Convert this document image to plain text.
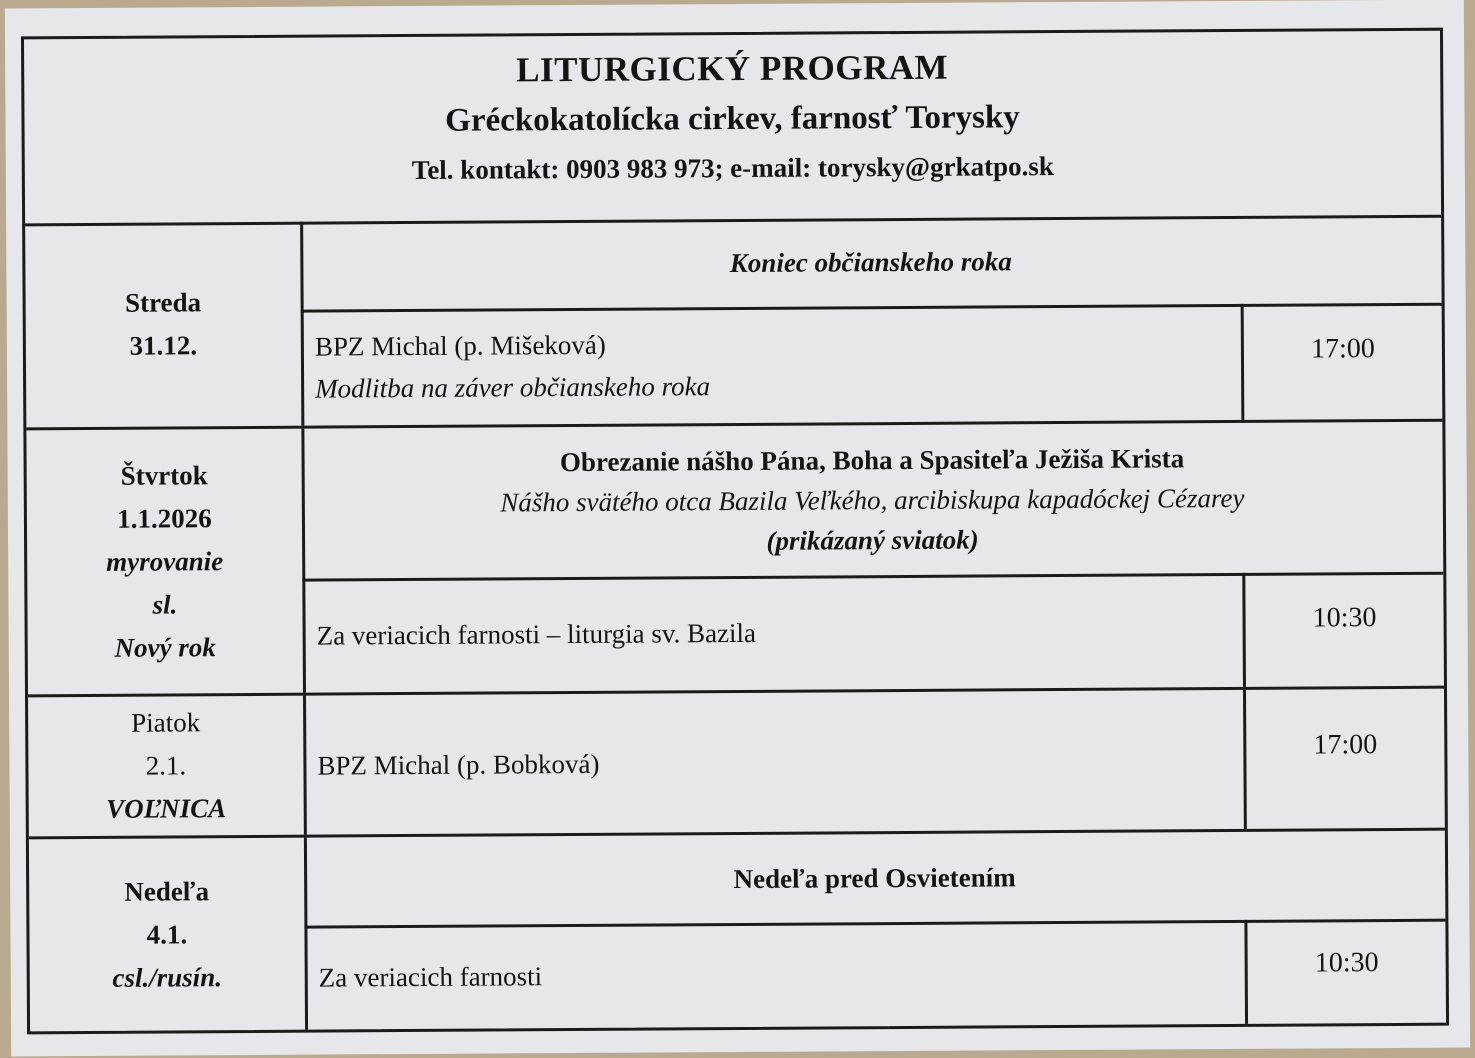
LITURGICKÝ PROGRAM
Gréckokatolícka cirkev, farnosť Torysky
Tel. kontakt: 0903 983 973; e-mail: torysky@grkatpo.sk
Streda
31.12.
Koniec občianskeho roka
BPZ Michal (p. Mišeková)
Modlitba na záver občianskeho roka
17:00
Štvrtok
1.1.2026
myrovanie
sl.
Nový rok
Obrezanie nášho Pána, Boha a Spasiteľa Ježiša Krista
Nášho svätého otca Bazila Veľkého, arcibiskupa kapadóckej Cézarey
(prikázaný sviatok)
Za veriacich farnosti – liturgia sv. Bazila
10:30
Piatok
2.1.
VOĽNICA
BPZ Michal (p. Bobková)
17:00
Nedeľa
4.1.
csl./rusín.
Nedeľa pred Osvietením
Za veriacich farnosti	10:30
